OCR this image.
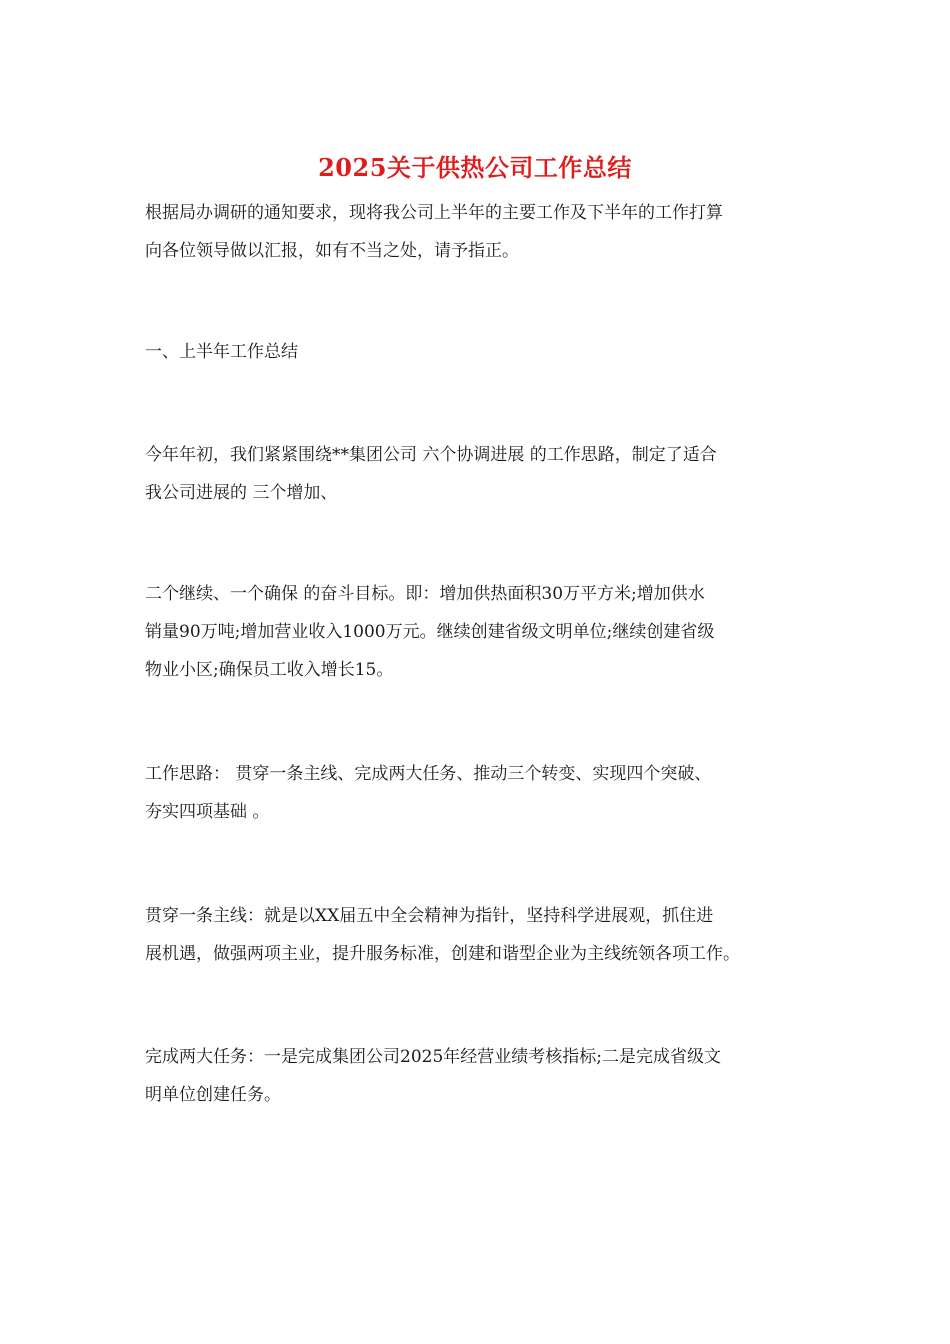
2025关于供热公司工作总结

根据局办调研的通知要求，现将我公司上半年的主要工作及下半年的工作打算
向各位领导做以汇报，如有不当之处，请予指正。

一、上半年工作总结

今年年初，我们紧紧围绕**集团公司 六个协调进展 的工作思路，制定了适合
我公司进展的 三个增加、

二个继续、一个确保 的奋斗目标。即：增加供热面积30万平方米;增加供水
销量90万吨;增加营业收入1000万元。继续创建省级文明单位;继续创建省级
物业小区;确保员工收入增长15。

工作思路： 贯穿一条主线、完成两大任务、推动三个转变、实现四个突破、
夯实四项基础 。

贯穿一条主线：就是以XX届五中全会精神为指针，坚持科学进展观，抓住进
展机遇，做强两项主业，提升服务标准，创建和谐型企业为主线统领各项工作。

完成两大任务：一是完成集团公司2025年经营业绩考核指标;二是完成省级文
明单位创建任务。
